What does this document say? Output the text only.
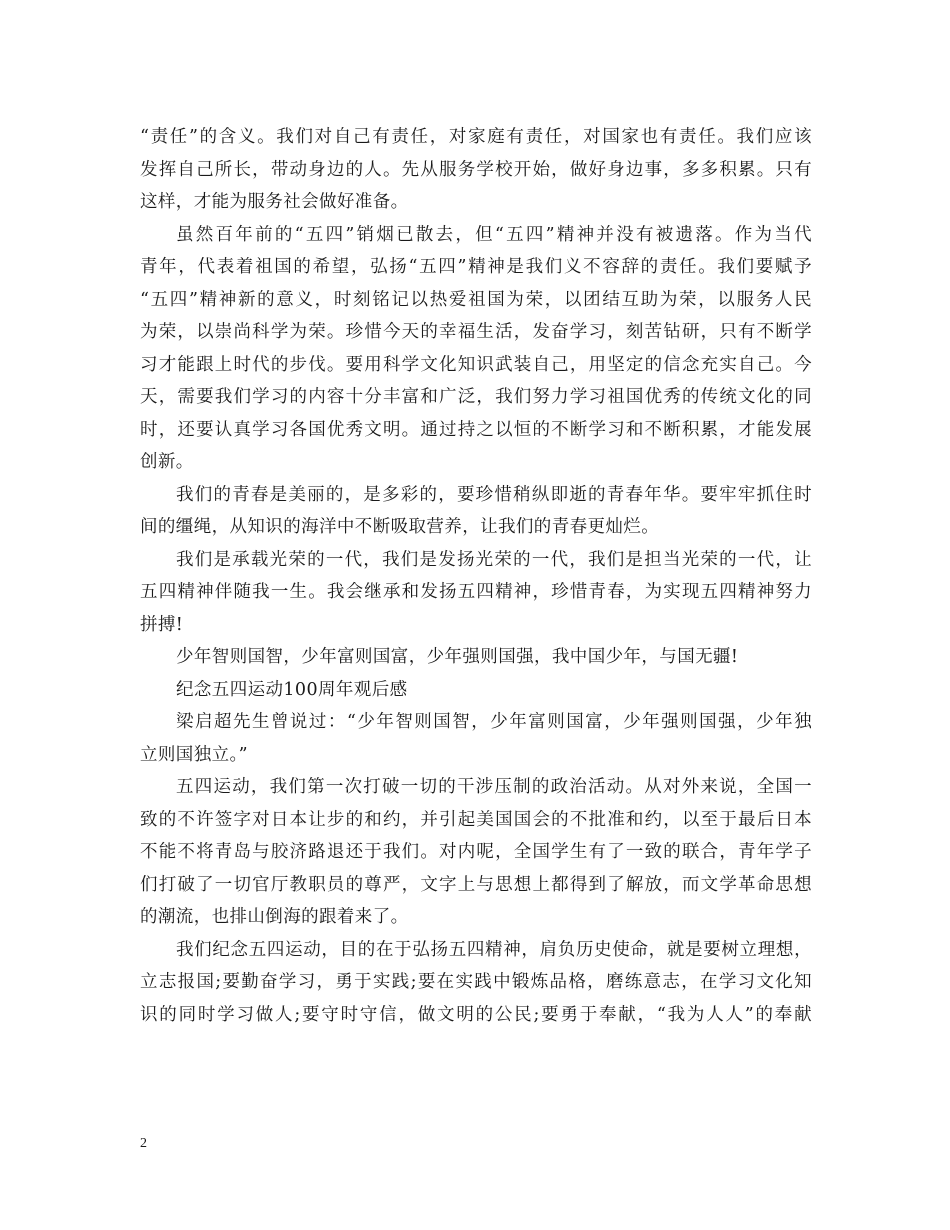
“责任”的含义。我们对自己有责任，对家庭有责任，对国家也有责任。我们应该
发挥自己所长，带动身边的人。先从服务学校开始，做好身边事，多多积累。只有
这样，才能为服务社会做好准备。
虽然百年前的“五四”销烟已散去，但“五四”精神并没有被遗落。作为当代
青年，代表着祖国的希望，弘扬“五四”精神是我们义不容辞的责任。我们要赋予
“五四”精神新的意义，时刻铭记以热爱祖国为荣，以团结互助为荣，以服务人民
为荣，以崇尚科学为荣。珍惜今天的幸福生活，发奋学习，刻苦钻研，只有不断学
习才能跟上时代的步伐。要用科学文化知识武装自己，用坚定的信念充实自己。今
天，需要我们学习的内容十分丰富和广泛，我们努力学习祖国优秀的传统文化的同
时，还要认真学习各国优秀文明。通过持之以恒的不断学习和不断积累，才能发展
创新。
我们的青春是美丽的，是多彩的，要珍惜稍纵即逝的青春年华。要牢牢抓住时
间的缰绳，从知识的海洋中不断吸取营养，让我们的青春更灿烂。
我们是承载光荣的一代，我们是发扬光荣的一代，我们是担当光荣的一代，让
五四精神伴随我一生。我会继承和发扬五四精神，珍惜青春，为实现五四精神努力
拼搏!
少年智则国智，少年富则国富，少年强则国强，我中国少年，与国无疆!
纪念五四运动100周年观后感
梁启超先生曾说过：“少年智则国智，少年富则国富，少年强则国强，少年独
立则国独立。”
五四运动，我们第一次打破一切的干涉压制的政治活动。从对外来说，全国一
致的不许签字对日本让步的和约，并引起美国国会的不批准和约，以至于最后日本
不能不将青岛与胶济路退还于我们。对内呢，全国学生有了一致的联合，青年学子
们打破了一切官厅教职员的尊严，文字上与思想上都得到了解放，而文学革命思想
的潮流，也排山倒海的跟着来了。
我们纪念五四运动，目的在于弘扬五四精神，肩负历史使命，就是要树立理想，
立志报国;要勤奋学习，勇于实践;要在实践中锻炼品格，磨练意志，在学习文化知
识的同时学习做人;要守时守信，做文明的公民;要勇于奉献，“我为人人”的奉献
2
